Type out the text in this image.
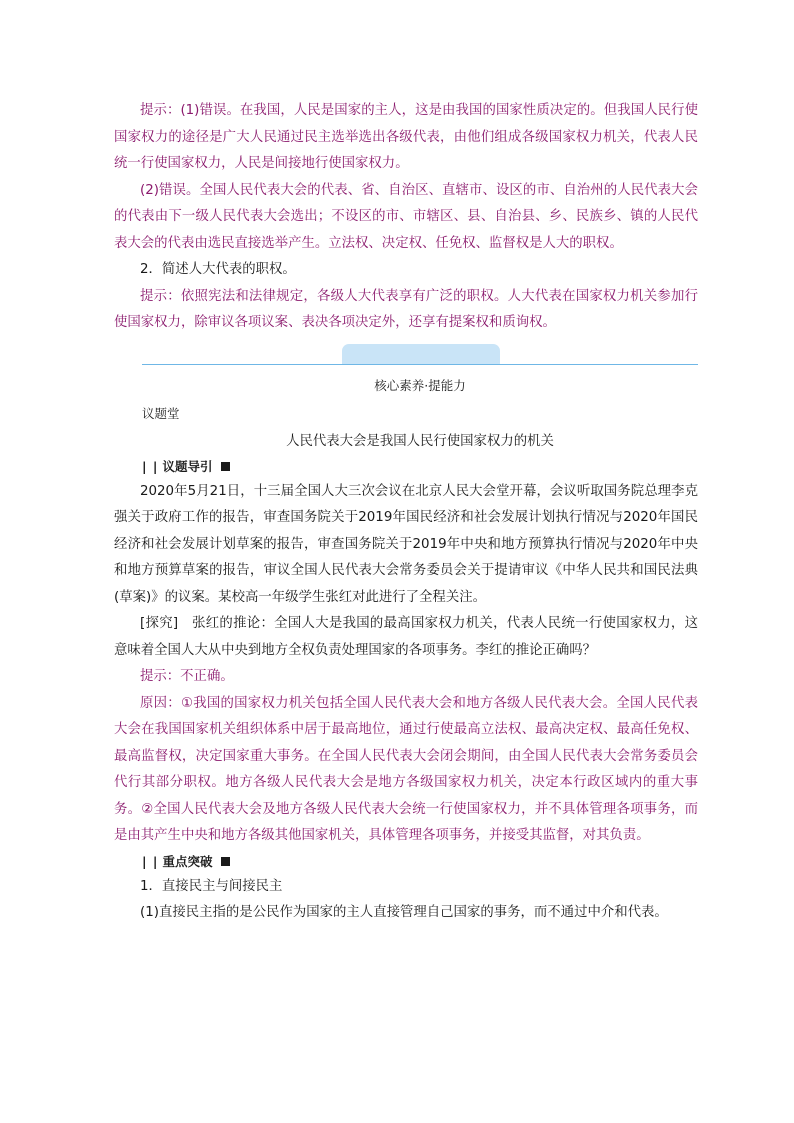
提示：(1)错误。在我国，人民是国家的主人，这是由我国的国家性质决定的。但我国人民行使国家权力的途径是广大人民通过民主选举选出各级代表，由他们组成各级国家权力机关，代表人民统一行使国家权力，人民是间接地行使国家权力。

(2)错误。全国人民代表大会的代表、省、自治区、直辖市、设区的市、自治州的人民代表大会的代表由下一级人民代表大会选出；不设区的市、市辖区、县、自治县、乡、民族乡、镇的人民代表大会的代表由选民直接选举产生。立法权、决定权、任免权、监督权是人大的职权。

2．简述人大代表的职权。

提示：依照宪法和法律规定，各级人大代表享有广泛的职权。人大代表在国家权力机关参加行使国家权力，除审议各项议案、表决各项决定外，还享有提案权和质询权。

核心素养·提能力
议题堂
人民代表大会是我国人民行使国家权力的机关
| | 议题导引

2020年5月21日，十三届全国人大三次会议在北京人民大会堂开幕，会议听取国务院总理李克强关于政府工作的报告，审查国务院关于2019年国民经济和社会发展计划执行情况与2020年国民经济和社会发展计划草案的报告，审查国务院关于2019年中央和地方预算执行情况与2020年中央和地方预算草案的报告，审议全国人民代表大会常务委员会关于提请审议《中华人民共和国民法典(草案)》的议案。某校高一年级学生张红对此进行了全程关注。

[探究]　张红的推论：全国人大是我国的最高国家权力机关，代表人民统一行使国家权力，这意味着全国人大从中央到地方全权负责处理国家的各项事务。李红的推论正确吗？

提示：不正确。

原因：①我国的国家权力机关包括全国人民代表大会和地方各级人民代表大会。全国人民代表大会在我国国家机关组织体系中居于最高地位，通过行使最高立法权、最高决定权、最高任免权、最高监督权，决定国家重大事务。在全国人民代表大会闭会期间，由全国人民代表大会常务委员会代行其部分职权。地方各级人民代表大会是地方各级国家权力机关，决定本行政区域内的重大事务。②全国人民代表大会及地方各级人民代表大会统一行使国家权力，并不具体管理各项事务，而是由其产生中央和地方各级其他国家机关，具体管理各项事务，并接受其监督，对其负责。

| | 重点突破

1．直接民主与间接民主

(1)直接民主指的是公民作为国家的主人直接管理自己国家的事务，而不通过中介和代表。
